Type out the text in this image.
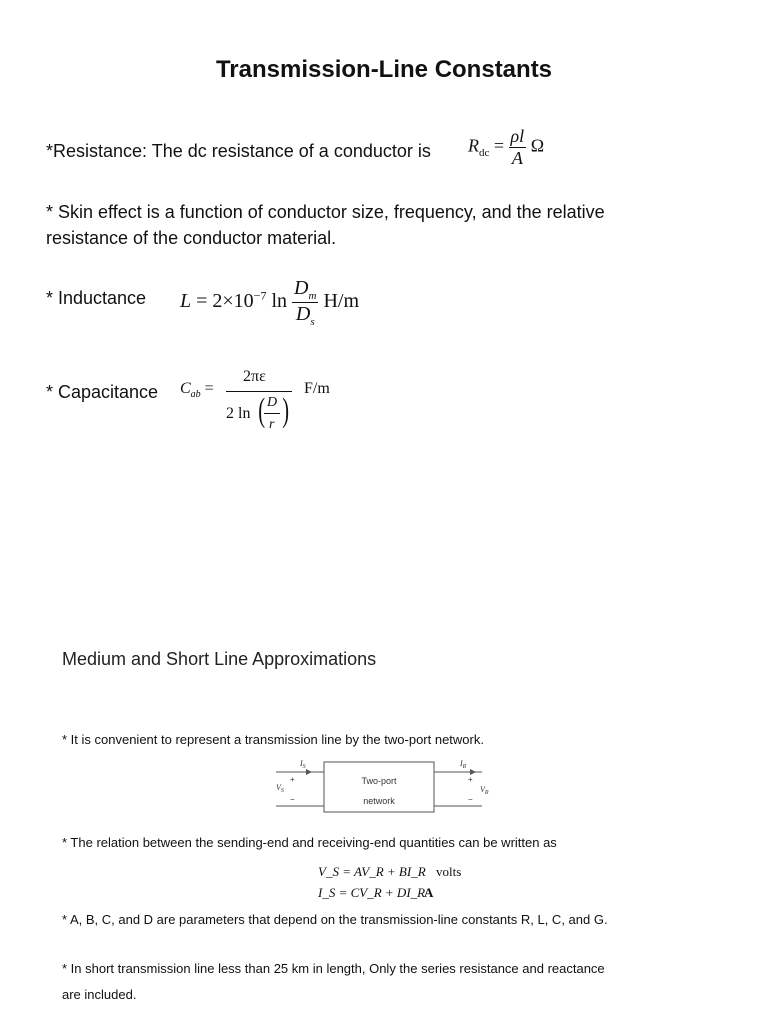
Transmission-Line Constants
*Resistance: The dc resistance of a conductor is $R_{dc} = \frac{\rho l}{A}$ Ω
* Skin effect is a function of conductor size, frequency, and the relative
resistance of the conductor material.
* Inductance $L = 2\times 10^{-7}$ $\ln \frac{D_m}{D_s} H/m$
* Capacitance $C_{ab}$ =
2πε
2 ln ( D
r )
F/m
Medium and Short Line Approximations
* It is convenient to represent a transmission line by the two-port network.
Two-port
network
$I_S$	$I_R$
+
$V_S$
−
+
$V_R$
−
* The relation between the sending-end and receiving-end quantities can be written as
V_S = AV_R + BI_R volts
I_S = CV_R + DI_R
A
* A, B, C, and D are parameters that depend on the transmission-line constants R, L, C, and G.
* In short transmission line less than 25 km in length, Only the series resistance and reactance
are included.
